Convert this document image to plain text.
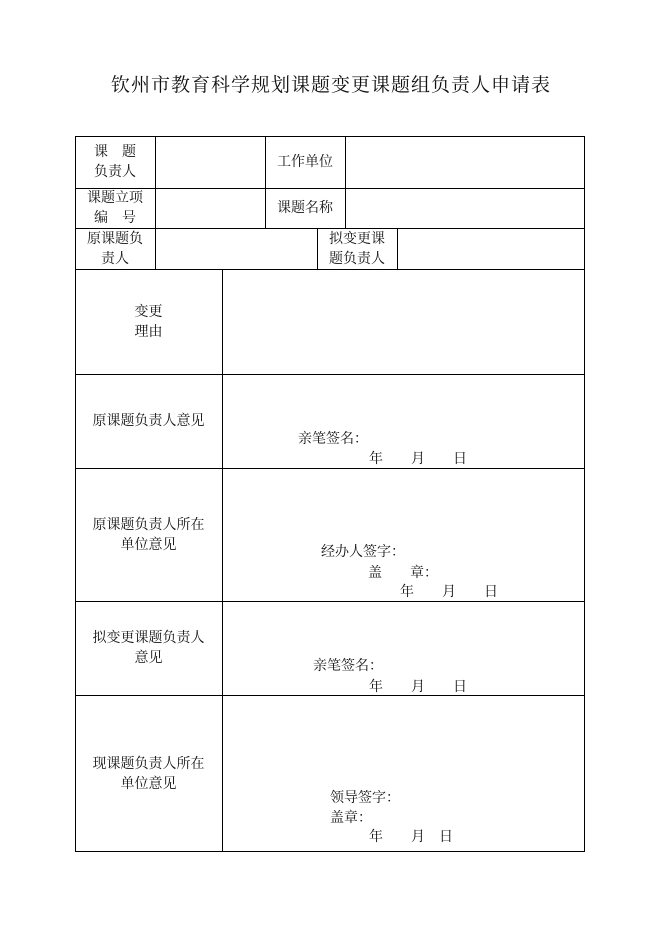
钦州市教育科学规划课题变更课题组负责人申请表
课　题
负责人
工作单位
课题立项
编　号
课题名称
原课题负
责人
拟变更课
题负责人
变更
理由
原课题负责人意见
亲笔签名：
年　　月　　日
原课题负责人所在
单位意见	经办人签字：
盖　　章：
年　　月　　日
拟变更课题负责人
意见	亲笔签名：
年　　月　　日
现课题负责人所在
单位意见
领导签字：
盖章：
年　　月　日
